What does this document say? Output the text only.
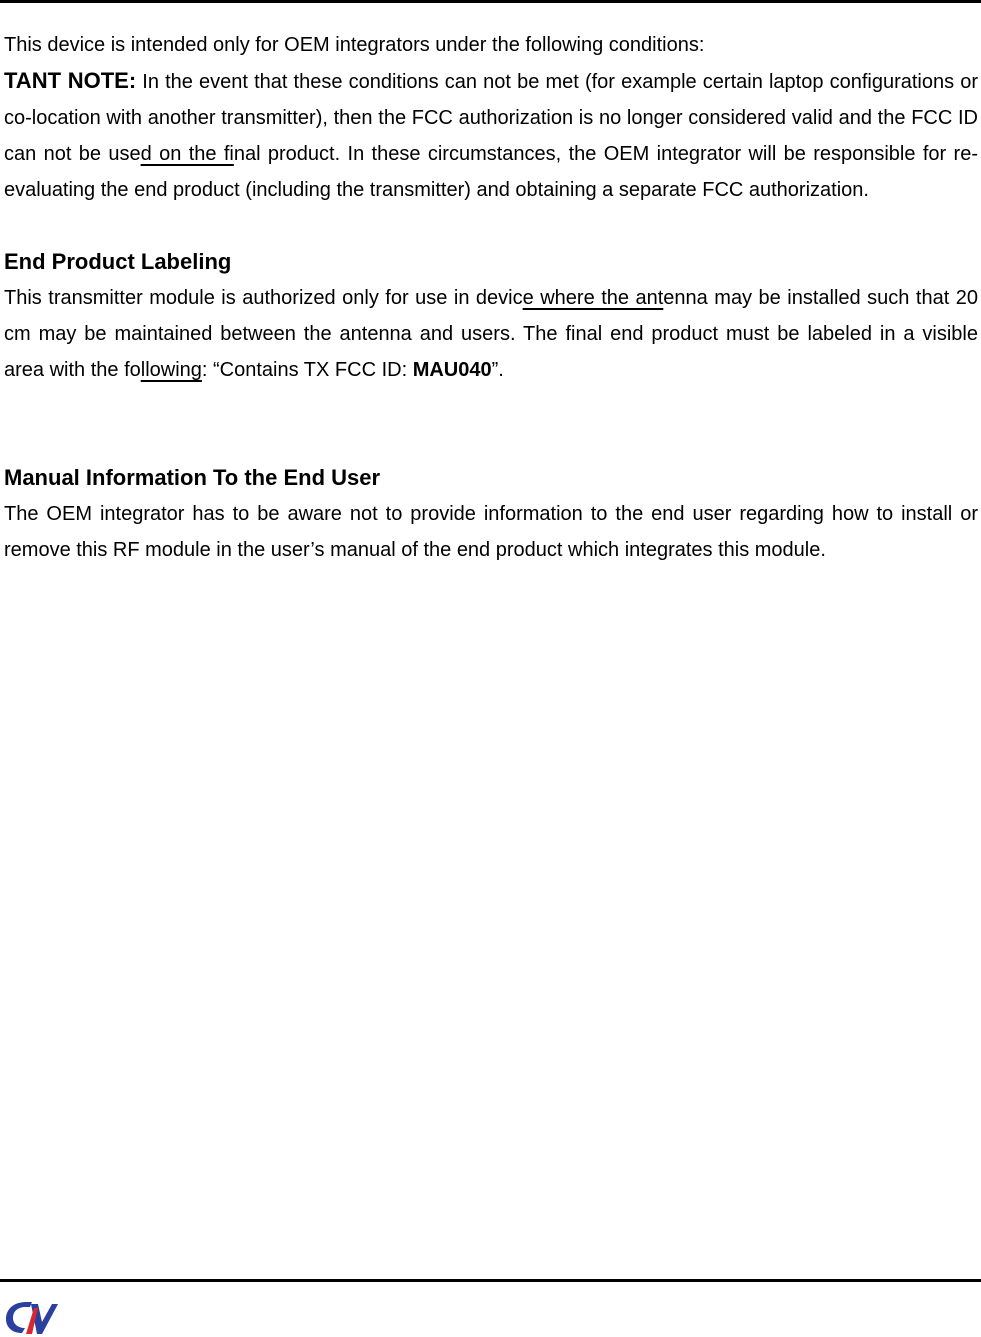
This device is intended only for OEM integrators under the following conditions:

TANT NOTE: In the event that these conditions can not be met (for example certain laptop configurations or co-location with another transmitter), then the FCC authorization is no longer considered valid and the FCC ID can not be used on the final product. In these circumstances, the OEM integrator will be responsible for re-evaluating the end product (including the transmitter) and obtaining a separate FCC authorization.

End Product Labeling

This transmitter module is authorized only for use in device where the antenna may be installed such that 20 cm may be maintained between the antenna and users. The final end product must be labeled in a visible area with the following: “Contains TX FCC ID: MAU040”.

Manual Information To the End User

The OEM integrator has to be aware not to provide information to the end user regarding how to install or remove this RF module in the user’s manual of the end product which integrates this module.
